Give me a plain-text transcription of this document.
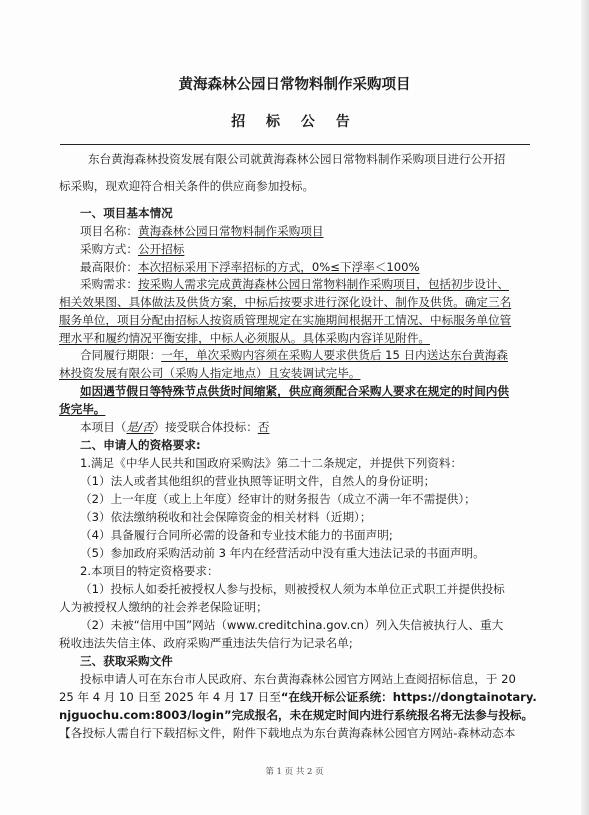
黄海森林公园日常物料制作采购项目
招 标 公 告
东台黄海森林投资发展有限公司就黄海森林公园日常物料制作采购项目进行公开招
标采购，现欢迎符合相关条件的供应商参加投标。
一、项目基本情况
项目名称：黄海森林公园日常物料制作采购项目
采购方式：公开招标
最高限价：本次招标采用下浮率招标的方式，0%≤下浮率＜100%
采购需求：按采购人需求完成黄海森林公园日常物料制作采购项目，包括初步设计、
相关效果图、具体做法及供货方案，中标后按要求进行深化设计、制作及供货。确定三名
服务单位，项目分配由招标人按资质管理规定在实施期间根据开工情况、中标服务单位管
理水平和履约情况平衡安排，中标人必须服从。具体采购内容详见附件。
合同履行期限：一年，单次采购内容须在采购人要求供货后 15 日内送达东台黄海森
林投资发展有限公司（采购人指定地点）且安装调试完毕。
如因遇节假日等特殊节点供货时间缩紧，供应商须配合采购人要求在规定的时间内供
货完毕。
本项目（是/否）接受联合体投标：否
二、申请人的资格要求:
1.满足《中华人民共和国政府采购法》第二十二条规定，并提供下列资料：
（1）法人或者其他组织的营业执照等证明文件，自然人的身份证明；
（2）上一年度（或上上年度）经审计的财务报告（成立不满一年不需提供）；
（3）依法缴纳税收和社会保障资金的相关材料（近期）；
（4）具备履行合同所必需的设备和专业技术能力的书面声明;
（5）参加政府采购活动前 3 年内在经营活动中没有重大违法记录的书面声明。
2.本项目的特定资格要求：
（1）投标人如委托被授权人参与投标，则被授权人须为本单位正式职工并提供投标
人为被授权人缴纳的社会养老保险证明；
（2）未被“信用中国”网站（www.creditchina.gov.cn）列入失信被执行人、重大
税收违法失信主体、政府采购严重违法失信行为记录名单;
三、获取采购文件
投标申请人可在东台市人民政府、东台黄海森林公园官方网站上查阅招标信息，于 20
25 年 4 月 10 日至 2025 年 4 月 17 日至“在线开标公证系统：https://dongtainotary.
njguochu.com:8003/login”完成报名，未在规定时间内进行系统报名将无法参与投标。
【各投标人需自行下载招标文件，附件下载地点为东台黄海森林公园官方网站-森林动态本
第 1 页 共 2 页
